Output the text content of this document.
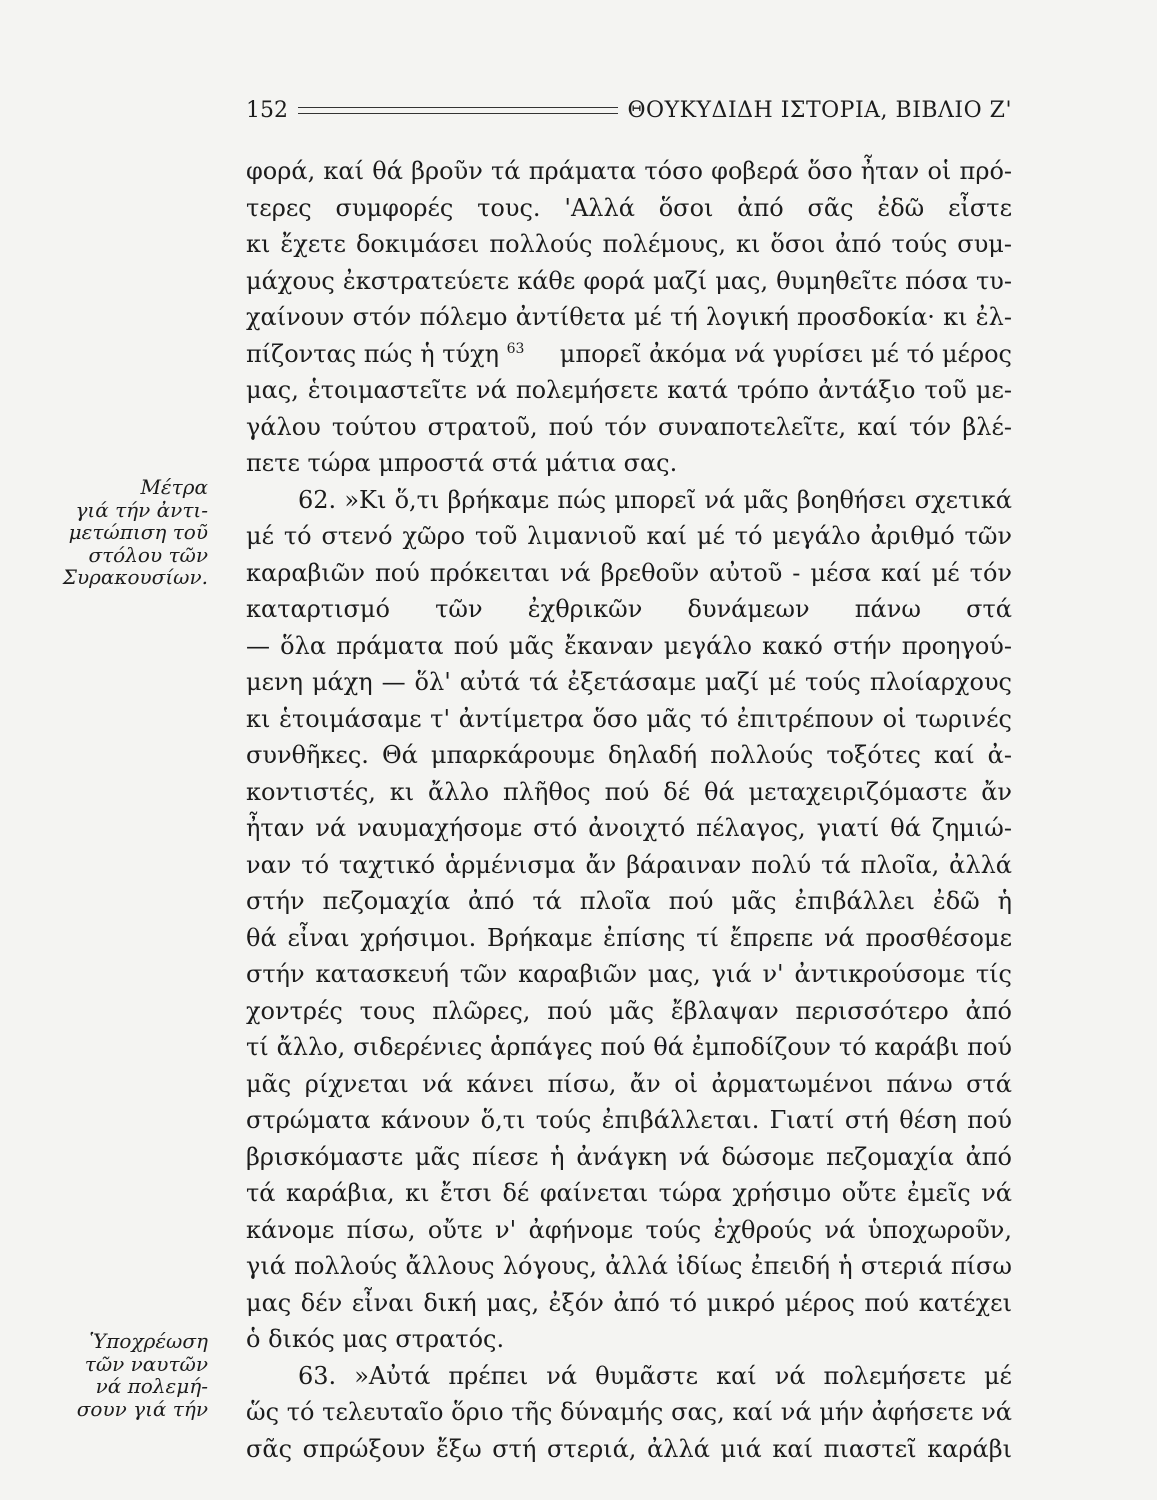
152	ΘΟΥΚΥΔΙΔΗ ΙΣΤΟΡΙΑ, ΒΙΒΛΙΟ Ζ'
Μέτρα
γιά τήν ἀντι-
μετώπιση τοῦ
στόλου τῶν
Συρακουσίων.
Ὑποχρέωση
τῶν ναυτῶν
νά πολεμή-
σουν γιά τήν
φορά, καί θά βροῦν τά πράματα τόσο φοβερά ὅσο ἦταν οἱ πρό-
τερες συμφορές τους. 'Αλλά ὅσοι ἀπό σᾶς ἐδῶ εἶστε
κι ἔχετε δοκιμάσει πολλούς πολέμους, κι ὅσοι ἀπό τούς συμ-
μάχους ἐκστρατεύετε κάθε φορά μαζί μας, θυμηθεῖτε πόσα τυ-
χαίνουν στόν πόλεμο ἀντίθετα μέ τή λογική προσδοκία· κι ἐλ-
πίζοντας πώς ἡ τύχη $^{63}$ μπορεῖ ἀκόμα νά γυρίσει μέ τό μέρος
μας, ἑτοιμαστεῖτε νά πολεμήσετε κατά τρόπο ἀντάξιο τοῦ με-
γάλου τούτου στρατοῦ, πού τόν συναποτελεῖτε, καί τόν βλέ-
πετε τώρα μπροστά στά μάτια σας.
62. »Κι ὅ,τι βρήκαμε πώς μπορεῖ νά μᾶς βοηθήσει σχετικά
μέ τό στενό χῶρο τοῦ λιμανιοῦ καί μέ τό μεγάλο ἀριθμό τῶν
καραβιῶν πού πρόκειται νά βρεθοῦν αὐτοῦ - μέσα καί μέ τόν
καταρτισμό τῶν ἐχθρικῶν δυνάμεων πάνω στά
— ὅλα πράματα πού μᾶς ἔκαναν μεγάλο κακό στήν προηγού-
μενη μάχη — ὅλ' αὐτά τά ἐξετάσαμε μαζί μέ τούς πλοίαρχους
κι ἑτοιμάσαμε τ' ἀντίμετρα ὅσο μᾶς τό ἐπιτρέπουν οἱ τωρινές
συνθῆκες. Θά μπαρκάρουμε δηλαδή πολλούς τοξότες καί ἀ-
κοντιστές, κι ἄλλο πλῆθος πού δέ θά μεταχειριζόμαστε ἄν
ἦταν νά ναυμαχήσομε στό ἀνοιχτό πέλαγος, γιατί θά ζημιώ-
ναν τό ταχτικό ἁρμένισμα ἄν βάραιναν πολύ τά πλοῖα, ἀλλά
στήν πεζομαχία ἀπό τά πλοῖα πού μᾶς ἐπιβάλλει ἐδῶ ἡ
θά εἶναι χρήσιμοι. Βρήκαμε ἐπίσης τί ἔπρεπε νά προσθέσομε
στήν κατασκευή τῶν καραβιῶν μας, γιά ν' ἀντικρούσομε τίς
χοντρές τους πλῶρες, πού μᾶς ἔβλαψαν περισσότερο ἀπό
τί ἄλλο, σιδερένιες ἁρπάγες πού θά ἐμποδίζουν τό καράβι πού
μᾶς ρίχνεται νά κάνει πίσω, ἄν οἱ ἀρματωμένοι πάνω στά
στρώματα κάνουν ὅ,τι τούς ἐπιβάλλεται. Γιατί στή θέση πού
βρισκόμαστε μᾶς πίεσε ἡ ἀνάγκη νά δώσομε πεζομαχία ἀπό
τά καράβια, κι ἔτσι δέ φαίνεται τώρα χρήσιμο οὔτε ἐμεῖς νά
κάνομε πίσω, οὔτε ν' ἀφήνομε τούς ἐχθρούς νά ὑποχωροῦν,
γιά πολλούς ἄλλους λόγους, ἀλλά ἰδίως ἐπειδή ἡ στεριά πίσω
μας δέν εἶναι δική μας, ἐξόν ἀπό τό μικρό μέρος πού κατέχει
ὁ δικός μας στρατός.
63. »Αὐτά πρέπει νά θυμᾶστε καί νά πολεμήσετε μέ
ὥς τό τελευταῖο ὅριο τῆς δύναμής σας, καί νά μήν ἀφήσετε νά
σᾶς σπρώξουν ἔξω στή στεριά, ἀλλά μιά καί πιαστεῖ καράβι
